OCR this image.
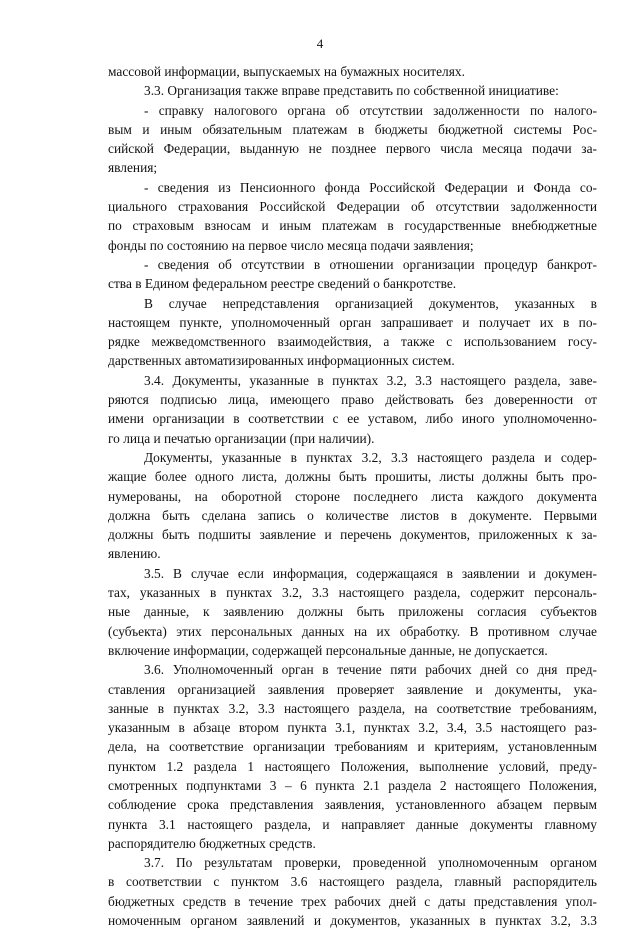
4
массовой информации, выпускаемых на бумажных носителях.
3.3. Организация также вправе представить по собственной инициативе:
- справку налогового органа об отсутствии задолженности по налого-
вым и иным обязательным платежам в бюджеты бюджетной системы Рос-
сийской Федерации, выданную не позднее первого числа месяца подачи за-
явления;
- сведения из Пенсионного фонда Российской Федерации и Фонда со-
циального страхования Российской Федерации об отсутствии задолженности
по страховым взносам и иным платежам в государственные внебюджетные
фонды по состоянию на первое число месяца подачи заявления;
- сведения об отсутствии в отношении организации процедур банкрот-
ства в Едином федеральном реестре сведений о банкротстве.
В случае непредставления организацией документов, указанных в
настоящем пункте, уполномоченный орган запрашивает и получает их в по-
рядке межведомственного взаимодействия, а также с использованием госу-
дарственных автоматизированных информационных систем.
3.4. Документы, указанные в пунктах 3.2, 3.3 настоящего раздела, заве-
ряются подписью лица, имеющего право действовать без доверенности от
имени организации в соответствии с ее уставом, либо иного уполномоченно-
го лица и печатью организации (при наличии).
Документы, указанные в пунктах 3.2, 3.3 настоящего раздела и содер-
жащие более одного листа, должны быть прошиты, листы должны быть про-
нумерованы, на оборотной стороне последнего листа каждого документа
должна быть сделана запись о количестве листов в документе. Первыми
должны быть подшиты заявление и перечень документов, приложенных к за-
явлению.
3.5. В случае если информация, содержащаяся в заявлении и докумен-
тах, указанных в пунктах 3.2, 3.3 настоящего раздела, содержит персональ-
ные данные, к заявлению должны быть приложены согласия субъектов
(субъекта) этих персональных данных на их обработку. В противном случае
включение информации, содержащей персональные данные, не допускается.
3.6. Уполномоченный орган в течение пяти рабочих дней со дня пред-
ставления организацией заявления проверяет заявление и документы, ука-
занные в пунктах 3.2, 3.3 настоящего раздела, на соответствие требованиям,
указанным в абзаце втором пункта 3.1, пунктах 3.2, 3.4, 3.5 настоящего раз-
дела, на соответствие организации требованиям и критериям, установленным
пунктом 1.2 раздела 1 настоящего Положения, выполнение условий, преду-
смотренных подпунктами 3 – 6 пункта 2.1 раздела 2 настоящего Положения,
соблюдение срока представления заявления, установленного абзацем первым
пункта 3.1 настоящего раздела, и направляет данные документы главному
распорядителю бюджетных средств.
3.7. По результатам проверки, проведенной уполномоченным органом
в соответствии с пунктом 3.6 настоящего раздела, главный распорядитель
бюджетных средств в течение трех рабочих дней с даты представления упол-
номоченным органом заявлений и документов, указанных в пунктах 3.2, 3.3
